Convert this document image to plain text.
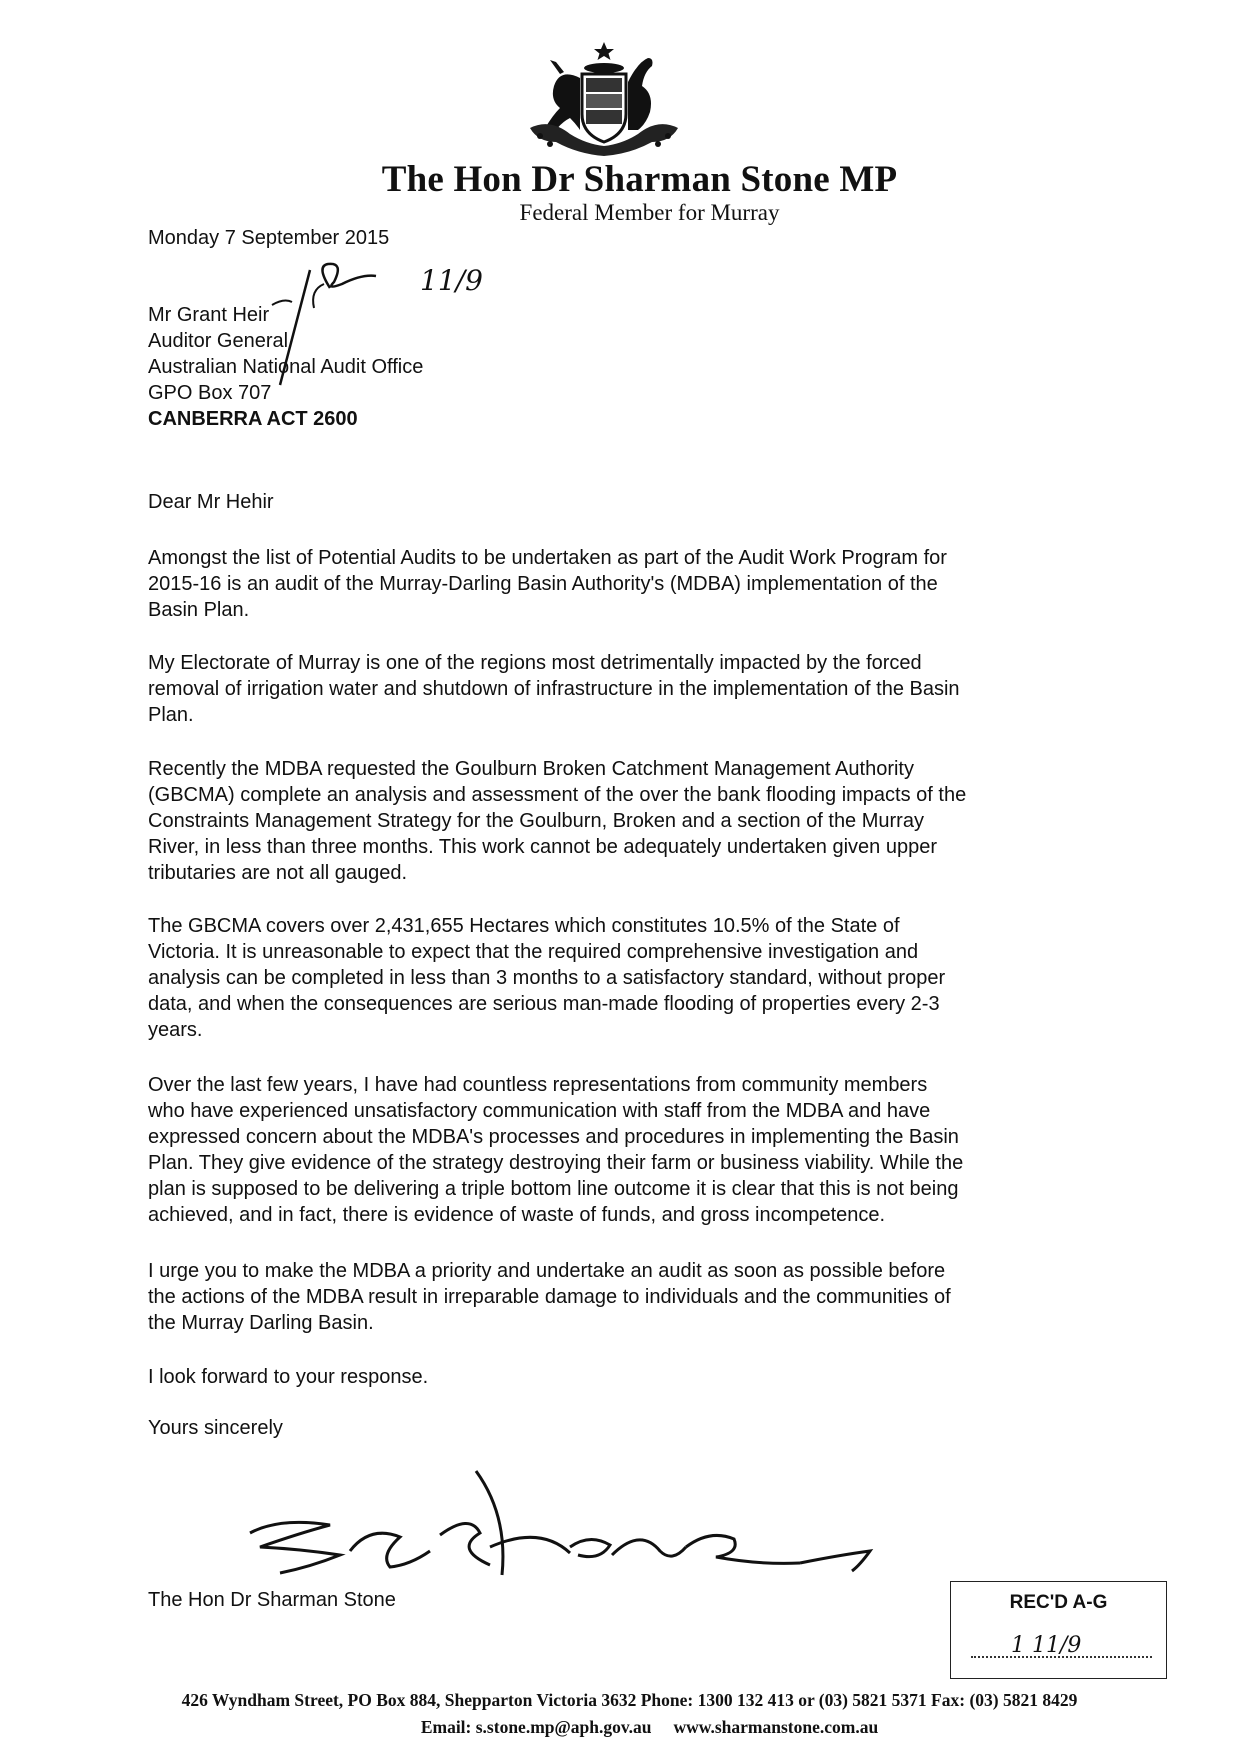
The Hon Dr Sharman Stone MP
Federal Member for Murray
Monday 7 September 2015
Mr Grant Heir
Auditor General
Australian National Audit Office
GPO Box 707
CANBERRA ACT 2600
11/9
Dear Mr Hehir
Amongst the list of Potential Audits to be undertaken as part of the Audit Work Program for
2015-16 is an audit of the Murray-Darling Basin Authority's (MDBA) implementation of the
Basin Plan.
My Electorate of Murray is one of the regions most detrimentally impacted by the forced
removal of irrigation water and shutdown of infrastructure in the implementation of the Basin
Plan.
Recently the MDBA requested the Goulburn Broken Catchment Management Authority
(GBCMA) complete an analysis and assessment of the over the bank flooding impacts of the
Constraints Management Strategy for the Goulburn, Broken and a section of the Murray
River, in less than three months. This work cannot be adequately undertaken given upper
tributaries are not all gauged.
The GBCMA covers over 2,431,655 Hectares which constitutes 10.5% of the State of
Victoria. It is unreasonable to expect that the required comprehensive investigation and
analysis can be completed in less than 3 months to a satisfactory standard, without proper
data, and when the consequences are serious man-made flooding of properties every 2-3
years.
Over the last few years, I have had countless representations from community members
who have experienced unsatisfactory communication with staff from the MDBA and have
expressed concern about the MDBA's processes and procedures in implementing the Basin
Plan. They give evidence of the strategy destroying their farm or business viability. While the
plan is supposed to be delivering a triple bottom line outcome it is clear that this is not being
achieved, and in fact, there is evidence of waste of funds, and gross incompetence.
I urge you to make the MDBA a priority and undertake an audit as soon as possible before
the actions of the MDBA result in irreparable damage to individuals and the communities of
the Murray Darling Basin.
I look forward to your response.
Yours sincerely
The Hon Dr Sharman Stone	REC'D A-G
1 11/9
426 Wyndham Street, PO Box 884, Shepparton Victoria 3632 Phone: 1300 132 413 or (03) 5821 5371 Fax: (03) 5821 8429
Email: s.stone.mp@aph.gov.au www.sharmanstone.com.au
